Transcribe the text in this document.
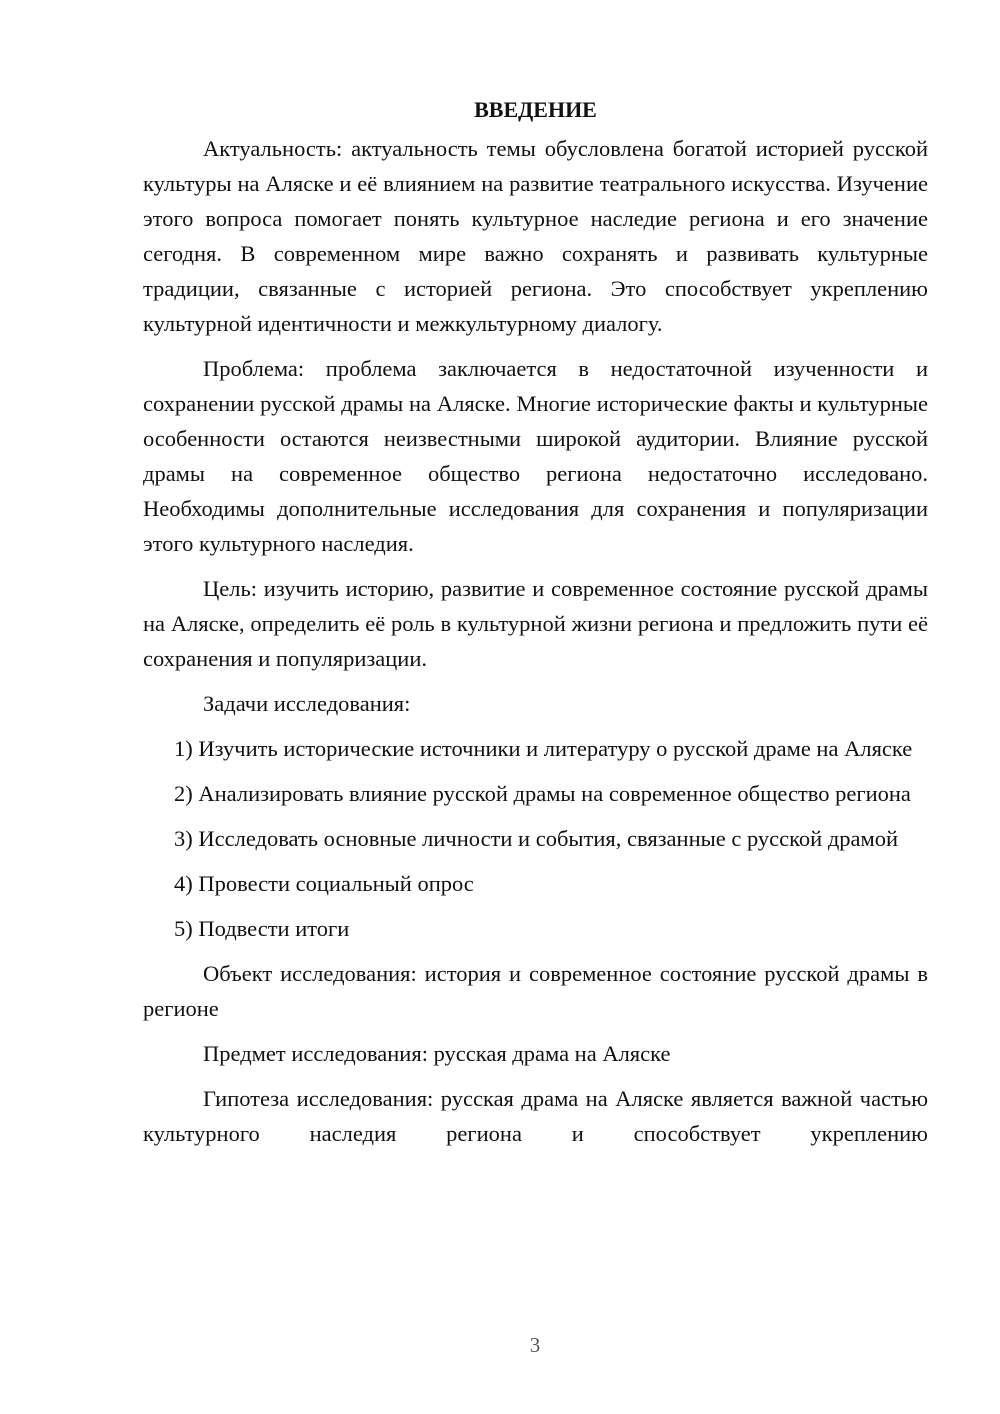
ВВЕДЕНИЕ

Актуальность: актуальность темы обусловлена богатой историей русской культуры на Аляске и её влиянием на развитие театрального искусства. Изучение этого вопроса помогает понять культурное наследие региона и его значение сегодня. В современном мире важно сохранять и развивать культурные традиции, связанные с историей региона. Это способствует укреплению культурной идентичности и межкультурному диалогу.

Проблема: проблема заключается в недостаточной изученности и сохранении русской драмы на Аляске. Многие исторические факты и культурные особенности остаются неизвестными широкой аудитории. Влияние русской драмы на современное общество региона недостаточно исследовано. Необходимы дополнительные исследования для сохранения и популяризации этого культурного наследия.

Цель: изучить историю, развитие и современное состояние русской драмы на Аляске, определить её роль в культурной жизни региона и предложить пути её сохранения и популяризации.

Задачи исследования:

1) Изучить исторические источники и литературу о русской драме на Аляске

2) Анализировать влияние русской драмы на современное общество региона

3) Исследовать основные личности и события, связанные с русской драмой

4) Провести социальный опрос

5) Подвести итоги

Объект исследования: история и современное состояние русской драмы в регионе

Предмет исследования: русская драма на Аляске

Гипотеза исследования: русская драма на Аляске является важной частью культурного наследия региона и способствует укреплению

3
